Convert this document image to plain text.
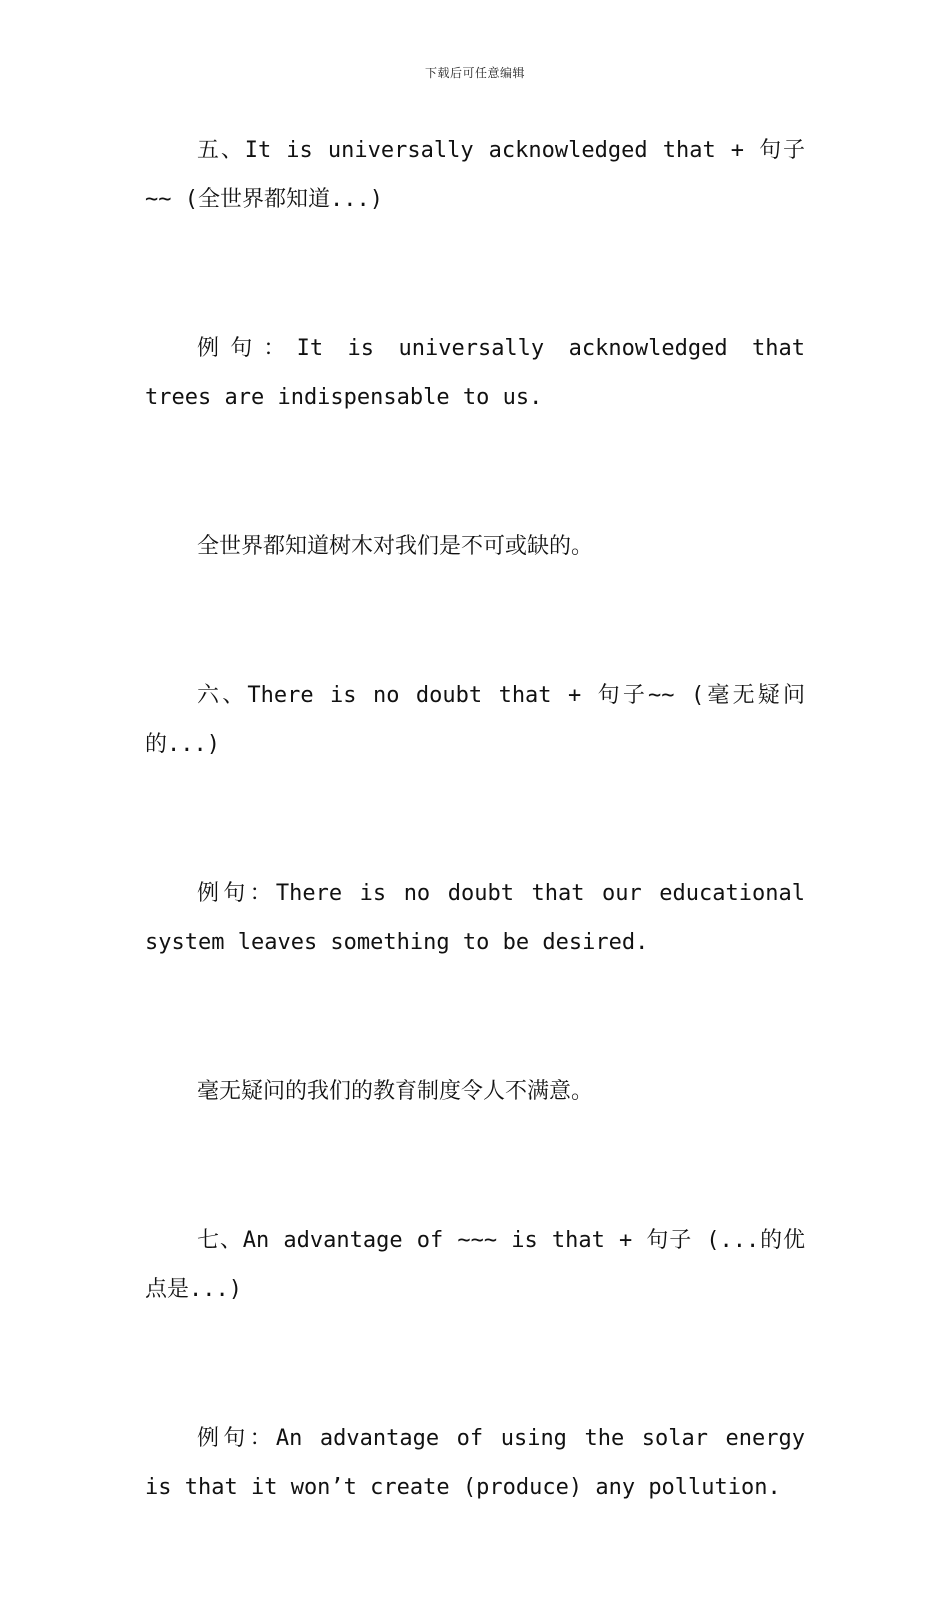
下载后可任意编辑

五、It is universally acknowledged that + 句子~~ (全世界都知道...)

例句：It is universally acknowledged that trees are indispensable to us.

全世界都知道树木对我们是不可或缺的。

六、There is no doubt that + 句子~~ (毫无疑问的...)

例句：There is no doubt that our educational system leaves something to be desired.

毫无疑问的我们的教育制度令人不满意。

七、An advantage of ~~~ is that + 句子 (...的优点是...)

例句：An advantage of using the solar energy is that it won’t create (produce) any pollution.
